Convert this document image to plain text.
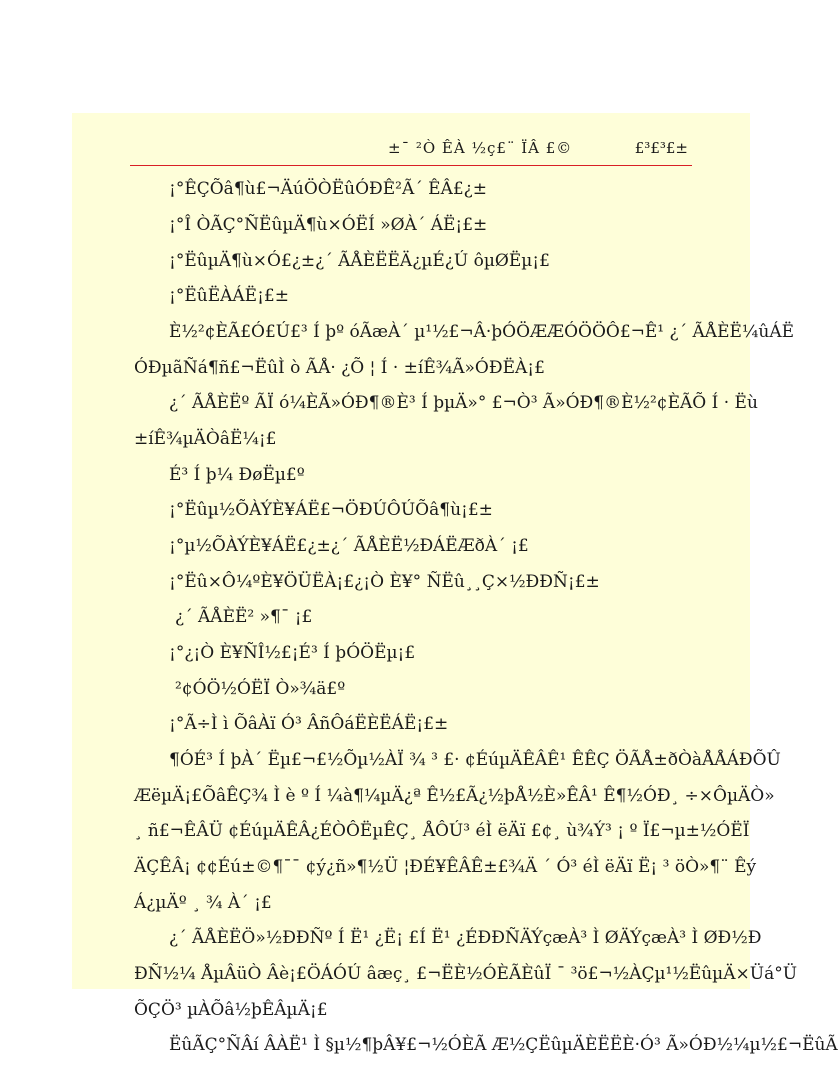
±¯ ²Ò ÊÀ ½ç£¨ ÏÂ £©	£³£³£±
¡°ÊÇÕâ¶ù£¬ÄúÖÒËûÓÐÊ²Ã´ ÊÂ£¿±
¡°Î ÒÃÇ°ÑËûµÄ¶ù×ÓËÍ »ØÀ´ ÁË¡£±
¡°ËûµÄ¶ù×Ó£¿±¿´ ÃÅÈËËÄ¿µÉ¿Ú ôµØËµ¡£
¡°ËûËÀÁË¡£±
È½²¢ÈÃ£Ó£Ú£³ Í þº óÃæÀ´ µ¹½£¬Â·þÓÖÆÆÓÖÖÔ£¬Ê¹ ¿´ ÃÅÈË¼ûÁË
ÓÐµãÑá¶ñ£¬ËûÌ ò ÃÅ· ¿Õ ¦ Í · ±íÊ¾Ã»ÓÐËÀ¡£
¿´ ÃÅÈËº ÃÏ ó¼ÈÃ»ÓÐ¶®È³ Í þµÄ»° £¬Ò³ Ã»ÓÐ¶®È½²¢ÈÃÕ Í · Ëù
±íÊ¾µÄÒâË¼¡£
É³ Í þ¼ ÐøËµ£º
¡°Ëûµ½ÕÀÝÈ¥ÁË£¬ÖÐÚÔÚÕâ¶ù¡£±
¡°µ½ÕÀÝÈ¥ÁË£¿±¿´ ÃÅÈË½ÐÁËÆðÀ´ ¡£
¡°Ëû×Ô¼ºÈ¥ÖÜËÀ¡£¿¡Ò È¥° ÑËû¸¸Ç×½ÐÐÑ¡£±
¿´ ÃÅÈË² »¶¯ ¡£
¡°¿¡Ò È¥ÑÎ½£¡É³ Í þÓÖËµ¡£
²¢ÓÖ½ÓËÏ Ò»¾ä£º
¡°Ã÷Ì ì ÕâÀï Ó³ ÂñÔáËÈËÁË¡£±
¶ÓÉ³ Í þÀ´ Ëµ£¬£½Õµ½ÀÏ ¾ ³ £· ¢ÉúµÄÊÂÊ¹ ÊÊÇ ÖÃÅ±ðÒàÅÅÁÐÕÛ
ÆëµÄ¡£ÕâÊÇ¾ Ì è º Í ¼à¶¼µÄ¿ª Ê½£Ã¿½þÅ½È»ÊÂ¹ Ê¶½ÓÐ¸ ÷×ÔµÄÒ»
¸ ñ£¬ÊÂÜ ¢ÉúµÄÊÂ¿ÉÒÔËµÊÇ¸ ÅÔÚ³ éÌ ëÄï £¢¸ ù¾Ý³ ¡ º Ï£¬µ±½ÓËÏ
ÄÇÊÂ¡ ¢¢Éú±©¶¯¯ ¢ý¿ñ»¶½Ü ¦ÐÉ¥ÊÂÊ±£¾Ä ´ Ó³ éÌ ëÄï Ë¡ ³ öÒ»¶¨ Êý
Á¿µÄº ¸ ¾ À´ ¡£
¿´ ÃÅÈËÖ»½ÐÐÑº Í Ë¹ ¿Ë¡ £Í Ë¹ ¿ÉÐÐÑÄÝçæÀ³ Ì ØÄÝçæÀ³ Ì ØÐ½Ð
ÐÑ½¼ ÅµÂüÒ Âè¡£ÖÁÓÚ âæç¸ £¬ËÈ½ÓÈÃÈûÏ ¯ ³ö£¬½ÀÇµ¹½ËûµÄ×Üá°Ü
ÕÇÖ³ µÀÕâ½þÊÂµÄ¡£
ËûÃÇ°ÑÂí ÂÀË¹ Ì §µ½¶þÂ¥£¬½ÓÈÃ Æ½ÇËûµÄÈËËÈ·Ó³ Ã»ÓÐ½¼µ½£¬ËûÃ
